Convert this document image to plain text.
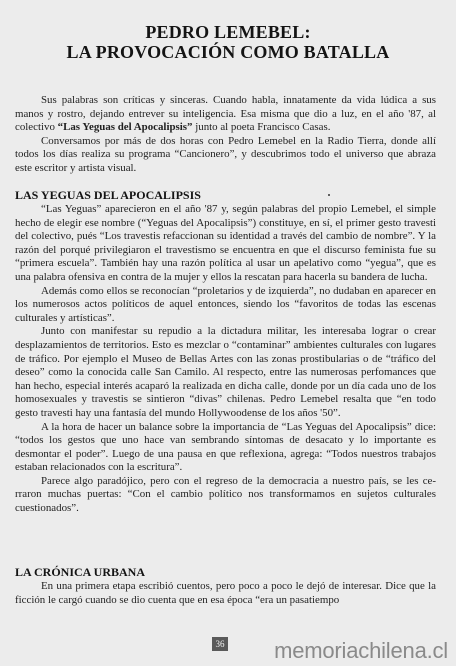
PEDRO LEMEBEL:
LA PROVOCACIÓN COMO BATALLA

Sus palabras son críticas y sinceras. Cuando habla, innatamente da vida lúdica a sus manos y rostro, dejando entrever su inteligencia. Esa misma que dio a luz, en el año '87, al colectivo “Las Yeguas del Apocalipsis” junto al poeta Francisco Casas.

Conversamos por más de dos horas con Pedro Lemebel en la Radio Tierra, donde allí todos los días realiza su programa “Cancionero”, y descubrimos todo el universo que abraza este escritor y artista visual.

LAS YEGUAS DEL APOCALIPSIS

“Las Yeguas” aparecieron en el año '87 y, según palabras del propio Lemebel, el simple hecho de elegir ese nombre (“Yeguas del Apocalipsis”) constituye, en sí, el primer gesto travesti del colectivo, pués “Los travestis refaccionan su identidad a través del cambio de nombre”. Y la razón del porqué privilegiaron el travestismo se encuentra en que el discurso feminista fue su “primera escuela”. También hay una razón política al usar un apelativo como “yegua”, que es una palabra ofensiva en contra de la mujer y ellos la rescatan para hacerla su bandera de lucha.

Además como ellos se reconocían “proletarios y de izquierda”, no dudaban en aparecer en los numerosos actos políticos de aquel entonces, siendo los “favoritos de todas las escenas culturales y artísticas”.

Junto con manifestar su repudio a la dictadura militar, les interesaba lograr o crear desplazamientos de territorios. Esto es mezclar o “contaminar” ambientes culturales con lugares de tráfico. Por ejemplo el Museo de Bellas Artes con las zonas prostibularias o de “tráfico del deseo” como la conocida calle San Camilo. Al respecto, entre las numerosas perfomances que han hecho, especial interés acaparó la realizada en dicha calle, donde por un día cada uno de los homosexuales y travestis se sintieron “divas” chilenas. Pedro Lemebel resalta que “en todo gesto travesti hay una fantasía del mundo Hollywoodense de los años '50”.

A la hora de hacer un balance sobre la importancia de “Las Yeguas del Apocalipsis” dice: “todos los gestos que uno hace van sembrando síntomas de desacato y lo importante es desmontar el poder”. Luego de una pausa en que reflexiona, agrega: “Todos nuestros trabajos estaban relacionados con la escritura”.

Parece algo paradójico, pero con el regreso de la democracia a nuestro país, se les ce-rraron muchas puertas: “Con el cambio político nos transformamos en sujetos culturales cuestionados”.

LA CRÓNICA URBANA

En una primera etapa escribió cuentos, pero poco a poco le dejó de interesar. Dice que la ficción le cargó cuando se dio cuenta que en esa época “era un pasatiempo

36 memoriachilena.cl
